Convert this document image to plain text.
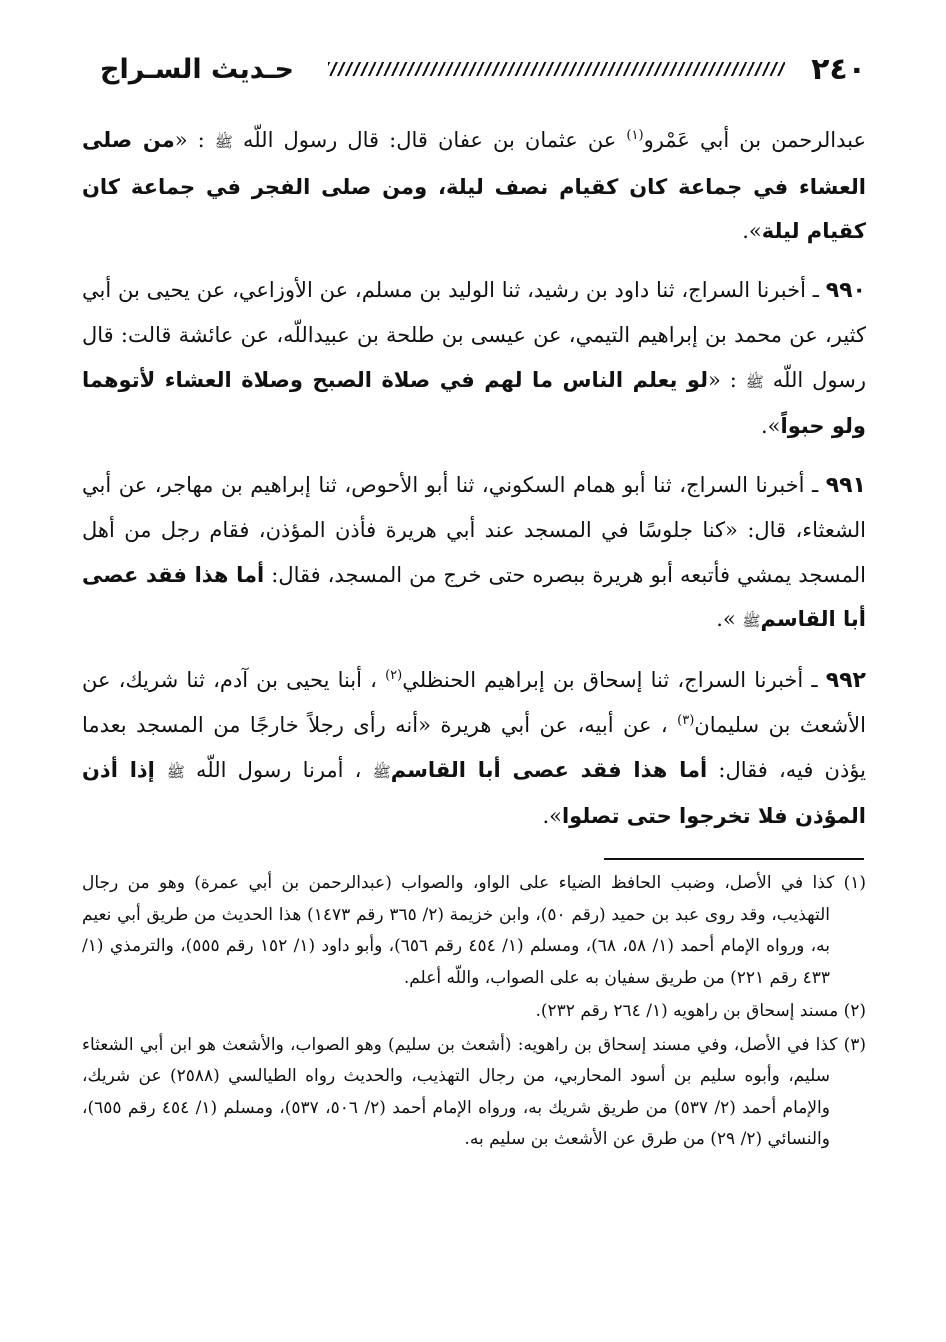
٢٤٠
حـديث السـراج

عبدالرحمن بن أبي عَمْرو$^{(١)}$ عن عثمان بن عفان قال: قال رسول اللّه ﷺ : «من صلى العشاء في جماعة كان كقيام نصف ليلة، ومن صلى الفجر في جماعة كان كقيام ليلة».

٩٩٠ ـ أخبرنا السراج، ثنا داود بن رشيد، ثنا الوليد بن مسلم، عن الأوزاعي، عن يحيى بن أبي كثير، عن محمد بن إبراهيم التيمي، عن عيسى بن طلحة بن عبيداللّه، عن عائشة قالت: قال رسول اللّه ﷺ : «لو يعلم الناس ما لهم في صلاة الصبح وصلاة العشاء لأتوهما ولو حبواً».

٩٩١ ـ أخبرنا السراج، ثنا أبو همام السكوني، ثنا أبو الأحوص، ثنا إبراهيم بن مهاجر، عن أبي الشعثاء، قال: «كنا جلوسًا في المسجد عند أبي هريرة فأذن المؤذن، فقام رجل من أهل المسجد يمشي فأتبعه أبو هريرة ببصره حتى خرج من المسجد، فقال: أما هذا فقد عصى أبا القاسمﷺ ».

٩٩٢ ـ أخبرنا السراج، ثنا إسحاق بن إبراهيم الحنظلي$^{(٢)}$ ، أبنا يحيى بن آدم، ثنا شريك، عن الأشعث بن سليمان$^{(٣)}$ ، عن أبيه، عن أبي هريرة «أنه رأى رجلاً خارجًا من المسجد بعدما يؤذن فيه، فقال: أما هذا فقد عصى أبا القاسمﷺ ، أمرنا رسول اللّه ﷺ إذا أذن المؤذن فلا تخرجوا حتى تصلوا».

(١) كذا في الأصل، وضبب الحافظ الضياء على الواو، والصواب (عبدالرحمن بن أبي عمرة) وهو من رجال التهذيب، وقد روى عبد بن حميد (رقم ٥٠)، وابن خزيمة (٢/ ٣٦٥ رقم ١٤٧٣) هذا الحديث من طريق أبي نعيم به، ورواه الإمام أحمد (١/ ٥٨، ٦٨)، ومسلم (١/ ٤٥٤ رقم ٦٥٦)، وأبو داود (١/ ١٥٢ رقم ٥٥٥)، والترمذي (١/ ٤٣٣ رقم ٢٢١) من طريق سفيان به على الصواب، واللّه أعلم.

(٢) مسند إسحاق بن راهويه (١/ ٢٦٤ رقم ٢٣٢).

(٣) كذا في الأصل، وفي مسند إسحاق بن راهويه: (أشعث بن سليم) وهو الصواب، والأشعث هو ابن أبي الشعثاء سليم، وأبوه سليم بن أسود المحاربي، من رجال التهذيب، والحديث رواه الطيالسي (٢٥٨٨) عن شريك، والإمام أحمد (٢/ ٥٣٧) من طريق شريك به، ورواه الإمام أحمد (٢/ ٥٠٦، ٥٣٧)، ومسلم (١/ ٤٥٤ رقم ٦٥٥)، والنسائي (٢/ ٢٩) من طرق عن الأشعث بن سليم به.
